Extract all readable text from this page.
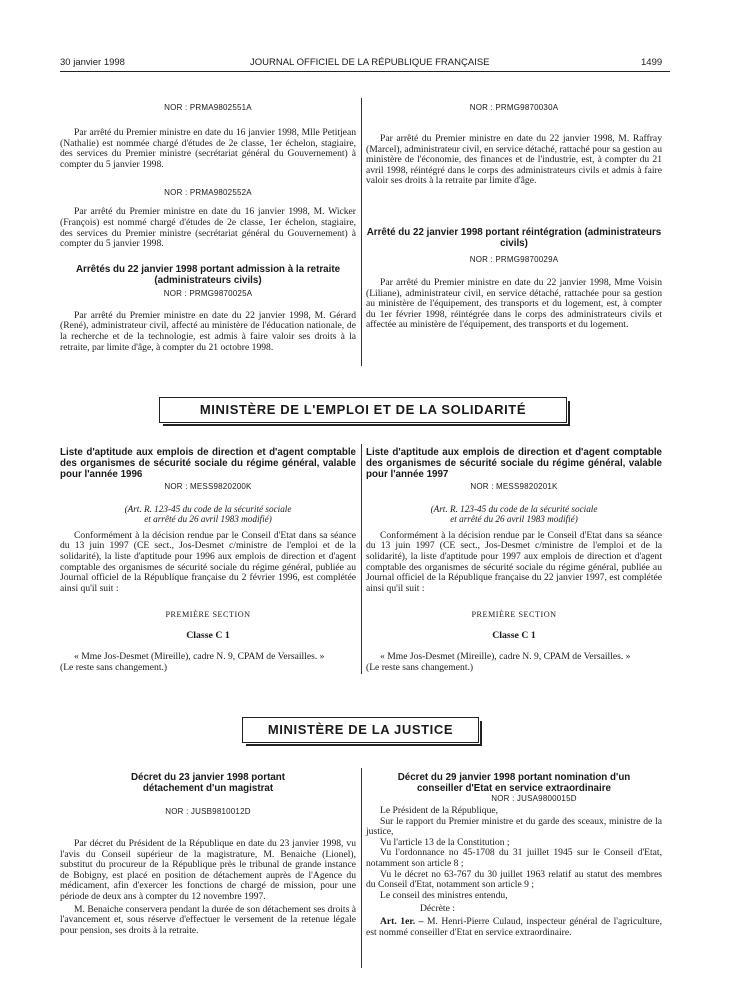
30 janvier 1998	JOURNAL OFFICIEL DE LA RÉPUBLIQUE FRANÇAISE	1499
NOR : PRMA9802551A

Par arrêté du Premier ministre en date du 16 janvier 1998, Mlle Petitjean (Nathalie) est nommée chargé d'études de 2e classe, 1er échelon, stagiaire, des services du Premier ministre (secrétariat général du Gouvernement) à compter du 5 janvier 1998.

NOR : PRMA9802552A

Par arrêté du Premier ministre en date du 16 janvier 1998, M. Wicker (François) est nommé chargé d'études de 2e classe, 1er échelon, stagiaire, des services du Premier ministre (secrétariat général du Gouvernement) à compter du 5 janvier 1998.

Arrêtés du 22 janvier 1998 portant admission à la retraite (administrateurs civils)
NOR : PRMG9870025A

Par arrêté du Premier ministre en date du 22 janvier 1998, M. Gérard (René), administrateur civil, affecté au ministère de l'éducation nationale, de la recherche et de la technologie, est admis à faire valoir ses droits à la retraite, par limite d'âge, à compter du 21 octobre 1998.

NOR : PRMG9870030A

Par arrêté du Premier ministre en date du 22 janvier 1998, M. Raffray (Marcel), administrateur civil, en service détaché, rattaché pour sa gestion au ministère de l'économie, des finances et de l'industrie, est, à compter du 21 avril 1998, réintégré dans le corps des administrateurs civils et admis à faire valoir ses droits à la retraite par limite d'âge.

Arrêté du 22 janvier 1998 portant réintégration (administrateurs civils)
NOR : PRMG9870029A

Par arrêté du Premier ministre en date du 22 janvier 1998, Mme Voisin (Liliane), administrateur civil, en service détaché, rattachée pour sa gestion au ministère de l'équipement, des transports et du logement, est, à compter du 1er février 1998, réintégrée dans le corps des administrateurs civils et affectée au ministère de l'équipement, des transports et du logement.

MINISTÈRE DE L'EMPLOI ET DE LA SOLIDARITÉ
Liste d'aptitude aux emplois de direction et d'agent comptable des organismes de sécurité sociale du régime général, valable pour l'année 1996
NOR : MESS9820200K
(Art. R. 123-45 du code de la sécurité sociale
et arrêté du 26 avril 1983 modifié)

Conformément à la décision rendue par le Conseil d'Etat dans sa séance du 13 juin 1997 (CE sect., Jos-Desmet c/ministre de l'emploi et de la solidarité), la liste d'aptitude pour 1996 aux emplois de direction et d'agent comptable des organismes de sécurité sociale du régime général, publiée au Journal officiel de la République française du 2 février 1996, est complétée ainsi qu'il suit :

PREMIÈRE SECTION
Classe C 1

« Mme Jos-Desmet (Mireille), cadre N. 9, CPAM de Versailles. »

(Le reste sans changement.)

Liste d'aptitude aux emplois de direction et d'agent comptable des organismes de sécurité sociale du régime général, valable pour l'année 1997
NOR : MESS9820201K
(Art. R. 123-45 du code de la sécurité sociale
et arrêté du 26 avril 1983 modifié)

Conformément à la décision rendue par le Conseil d'Etat dans sa séance du 13 juin 1997 (CE sect., Jos-Desmet c/ministre de l'emploi et de la solidarité), la liste d'aptitude pour 1997 aux emplois de direction et d'agent comptable des organismes de sécurité sociale du régime général, publiée au Journal officiel de la République française du 22 janvier 1997, est complétée ainsi qu'il suit :

PREMIÈRE SECTION
Classe C 1

« Mme Jos-Desmet (Mireille), cadre N. 9, CPAM de Versailles. »

(Le reste sans changement.)

MINISTÈRE DE LA JUSTICE
Décret du 23 janvier 1998 portant détachement d'un magistrat
NOR : JUSB9810012D

Par décret du Président de la République en date du 23 janvier 1998, vu l'avis du Conseil supérieur de la magistrature, M. Benaiche (Lionel), substitut du procureur de la République près le tribunal de grande instance de Bobigny, est placé en position de détachement auprès de l'Agence du médicament, afin d'exercer les fonctions de chargé de mission, pour une période de deux ans à compter du 12 novembre 1997.

M. Benaiche conservera pendant la durée de son détachement ses droits à l'avancement et, sous réserve d'effectuer le versement de la retenue légale pour pension, ses droits à la retraite.

Décret du 29 janvier 1998 portant nomination d'un conseiller d'Etat en service extraordinaire
NOR : JUSA9800015D

Le Président de la République,

Sur le rapport du Premier ministre et du garde des sceaux, ministre de la justice,

Vu l'article 13 de la Constitution ;

Vu l'ordonnance no 45-1708 du 31 juillet 1945 sur le Conseil d'Etat, notamment son article 8 ;

Vu le décret no 63-767 du 30 juillet 1963 relatif au statut des membres du Conseil d'Etat, notamment son article 9 ;

Le conseil des ministres entendu,

Décrète :

Art. 1er. – M. Henri-Pierre Culaud, inspecteur général de l'agriculture, est nommé conseiller d'Etat en service extraordinaire.
